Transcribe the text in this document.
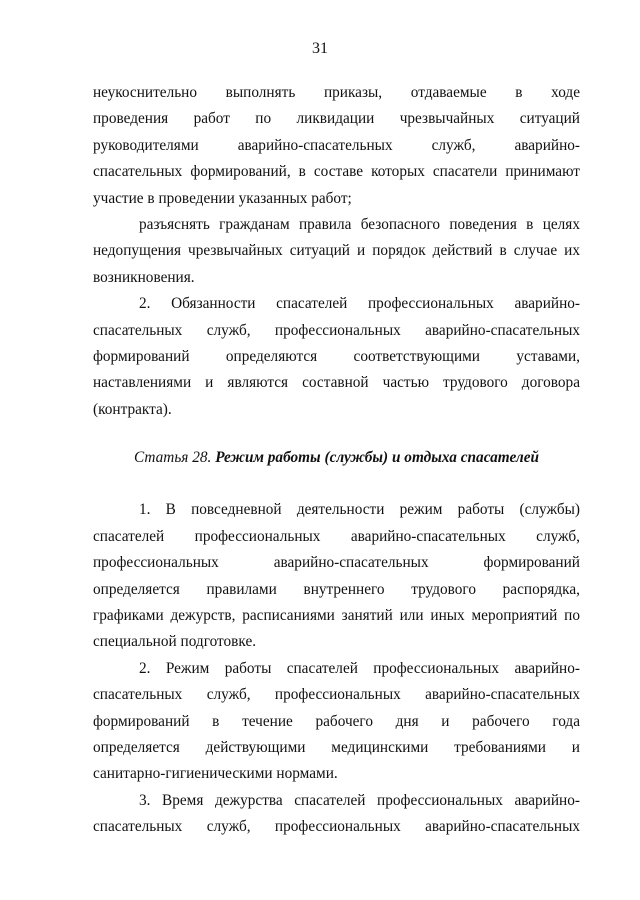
31
неукоснительно выполнять приказы, отдаваемые в ходе
проведения работ по ликвидации чрезвычайных ситуаций
руководителями аварийно-спасательных служб, аварийно-
спасательных формирований, в составе которых спасатели принимают
участие в проведении указанных работ;
разъяснять гражданам правила безопасного поведения в целях
недопущения чрезвычайных ситуаций и порядок действий в случае их
возникновения.
2. Обязанности спасателей профессиональных аварийно-
спасательных служб, профессиональных аварийно-спасательных
формирований определяются соответствующими уставами,
наставлениями и являются составной частью трудового договора
(контракта).
Статья 28. Режим работы (службы) и отдыха спасателей
1. В повседневной деятельности режим работы (службы)
спасателей профессиональных аварийно-спасательных служб,
профессиональных аварийно-спасательных формирований
определяется правилами внутреннего трудового распорядка,
графиками дежурств, расписаниями занятий или иных мероприятий по
специальной подготовке.
2. Режим работы спасателей профессиональных аварийно-
спасательных служб, профессиональных аварийно-спасательных
формирований в течение рабочего дня и рабочего года
определяется действующими медицинскими требованиями и
санитарно-гигиеническими нормами.
3. Время дежурства спасателей профессиональных аварийно-
спасательных служб, профессиональных аварийно-спасательных
